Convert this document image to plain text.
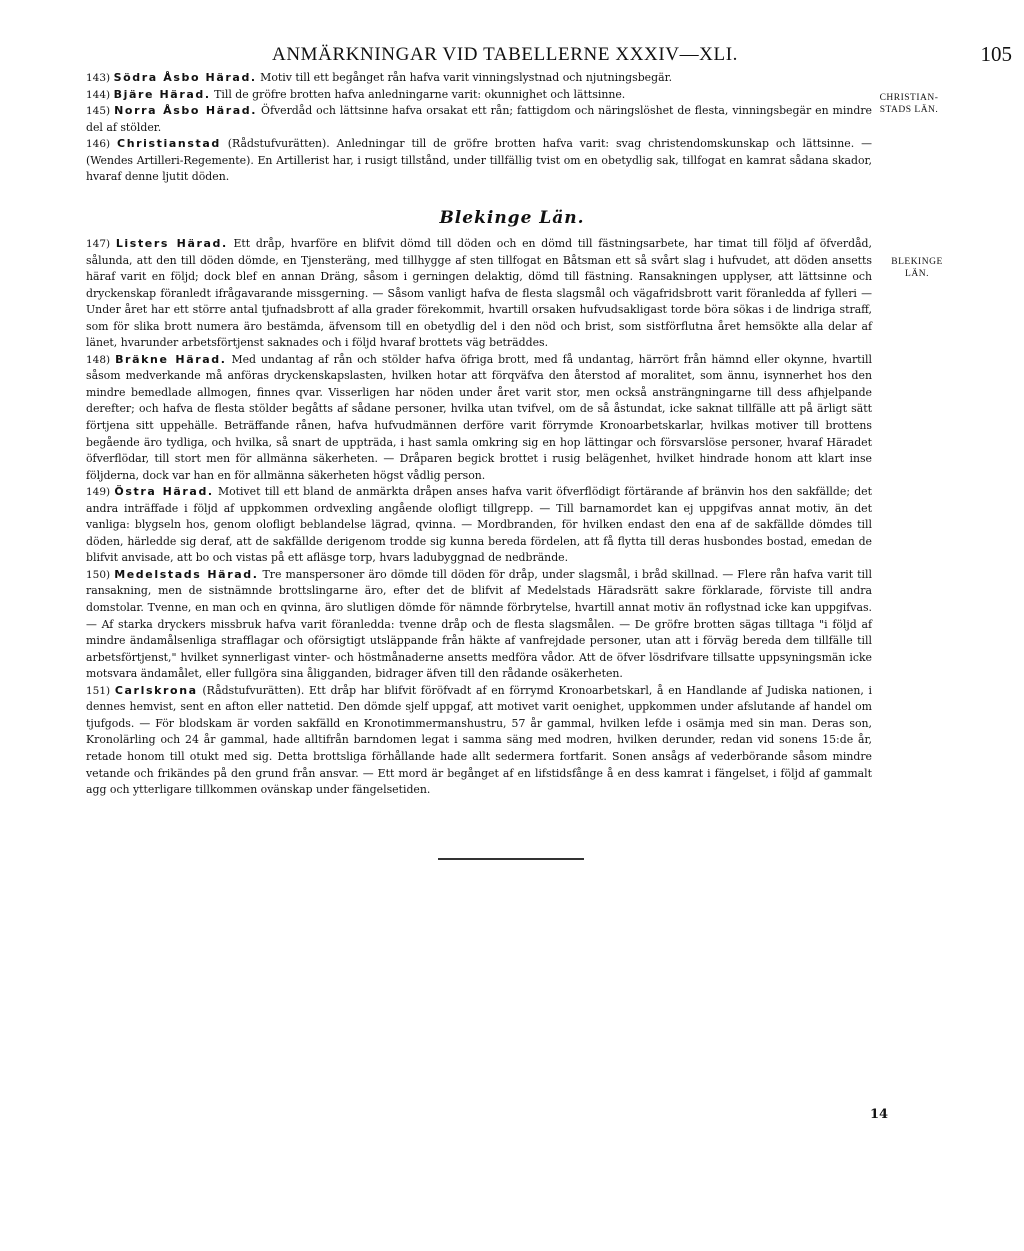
ANMÄRKNINGAR VID TABELLERNE XXXIV—XLI.	105
CHRISTIAN-STADS LÄN.
BLEKINGE LÄN.

143) Södra Åsbo Härad. Motiv till ett begånget rån hafva varit vinningslystnad och njutningsbegär.

144) Bjäre Härad. Till de gröfre brotten hafva anledningarne varit: okunnighet och lättsinne.

145) Norra Åsbo Härad. Öfverdåd och lättsinne hafva orsakat ett rån; fattigdom och näringslöshet de flesta, vinningsbegär en mindre del af stölder.

146) Christianstad (Rådstufvurätten). Anledningar till de gröfre brotten hafva varit: svag christendomskunskap och lättsinne. — (Wendes Artilleri-Regemente). En Artillerist har, i rusigt tillstånd, under tillfällig tvist om en obetydlig sak, tillfogat en kamrat sådana skador, hvaraf denne ljutit döden.

Blekinge Län.

147) Listers Härad. Ett dråp, hvarföre en blifvit dömd till döden och en dömd till fästningsarbete, har timat till följd af öfverdåd, sålunda, att den till döden dömde, en Tjensteräng, med tillhygge af sten tillfogat en Båtsman ett så svårt slag i hufvudet, att döden ansetts häraf varit en följd; dock blef en annan Dräng, såsom i gerningen delaktig, dömd till fästning. Ransakningen upplyser, att lättsinne och dryckenskap föranledt ifrågavarande missgerning. — Såsom vanligt hafva de flesta slagsmål och vägafridsbrott varit föranledda af fylleri — Under året har ett större antal tjufnadsbrott af alla grader förekommit, hvartill orsaken hufvudsakligast torde böra sökas i de lindriga straff, som för slika brott numera äro bestämda, äfvensom till en obetydlig del i den nöd och brist, som sistförflutna året hemsökte alla delar af länet, hvarunder arbetsförtjenst saknades och i följd hvaraf brottets väg beträddes.

148) Bräkne Härad. Med undantag af rån och stölder hafva öfriga brott, med få undantag, härrört från hämnd eller okynne, hvartill såsom medverkande må anföras dryckenskapslasten, hvilken hotar att förqväfva den återstod af moralitet, som ännu, isynnerhet hos den mindre bemedlade allmogen, finnes qvar. Visserligen har nöden under året varit stor, men också ansträngningarne till dess afhjelpande derefter; och hafva de flesta stölder begåtts af sådane personer, hvilka utan tvifvel, om de så åstundat, icke saknat tillfälle att på ärligt sätt förtjena sitt uppehälle. Beträffande rånen, hafva hufvudmännen derföre varit förrymde Kronoarbetskarlar, hvilkas motiver till brottens begående äro tydliga, och hvilka, så snart de uppträda, i hast samla omkring sig en hop lättingar och försvarslöse personer, hvaraf Häradet öfverflödar, till stort men för allmänna säkerheten. — Dråparen begick brottet i rusig belägenhet, hvilket hindrade honom att klart inse följderna, dock var han en för allmänna säkerheten högst vådlig person.

149) Östra Härad. Motivet till ett bland de anmärkta dråpen anses hafva varit öfverflödigt förtärande af bränvin hos den sakfällde; det andra inträffade i följd af uppkommen ordvexling angående olofligt tillgrepp. — Till barnamordet kan ej uppgifvas annat motiv, än det vanliga: blygseln hos, genom olofligt beblandelse lägrad, qvinna. — Mordbranden, för hvilken endast den ena af de sakfällde dömdes till döden, härledde sig deraf, att de sakfällde derigenom trodde sig kunna bereda fördelen, att få flytta till deras husbondes bostad, emedan de blifvit anvisade, att bo och vistas på ett afläsge torp, hvars ladubyggnad de nedbrände.

150) Medelstads Härad. Tre manspersoner äro dömde till döden för dråp, under slagsmål, i bråd skillnad. — Flere rån hafva varit till ransakning, men de sistnämnde brottslingarne äro, efter det de blifvit af Medelstads Häradsrätt sakre förklarade, förviste till andra domstolar. Tvenne, en man och en qvinna, äro slutligen dömde för nämnde förbrytelse, hvartill annat motiv än roflystnad icke kan uppgifvas. — Af starka dryckers missbruk hafva varit föranledda: tvenne dråp och de flesta slagsmålen. — De gröfre brotten sägas tilltaga "i följd af mindre ändamålsenliga strafflagar och oförsigtigt utsläppande från häkte af vanfrejdade personer, utan att i förväg bereda dem tillfälle till arbetsförtjenst," hvilket synnerligast vinter- och höstmånaderne ansetts medföra vådor. Att de öfver lösdrifvare tillsatte uppsyningsmän icke motsvara ändamålet, eller fullgöra sina åligganden, bidrager äfven till den rådande osäkerheten.

151) Carlskrona (Rådstufvurätten). Ett dråp har blifvit föröfvadt af en förrymd Kronoarbetskarl, å en Handlande af Judiska nationen, i dennes hemvist, sent en afton eller nattetid. Den dömde sjelf uppgaf, att motivet varit oenighet, uppkommen under afslutande af handel om tjufgods. — För blodskam är vorden sakfälld en Kronotimmermanshustru, 57 år gammal, hvilken lefde i osämja med sin man. Deras son, Kronolärling och 24 år gammal, hade alltifrån barndomen legat i samma säng med modren, hvilken derunder, redan vid sonens 15:de år, retade honom till otukt med sig. Detta brottsliga förhållande hade allt sedermera fortfarit. Sonen ansågs af vederbörande såsom mindre vetande och frikändes på den grund från ansvar. — Ett mord är begånget af en lifstidsfånge å en dess kamrat i fängelset, i följd af gammalt agg och ytterligare tillkommen ovänskap under fängelsetiden.

14
